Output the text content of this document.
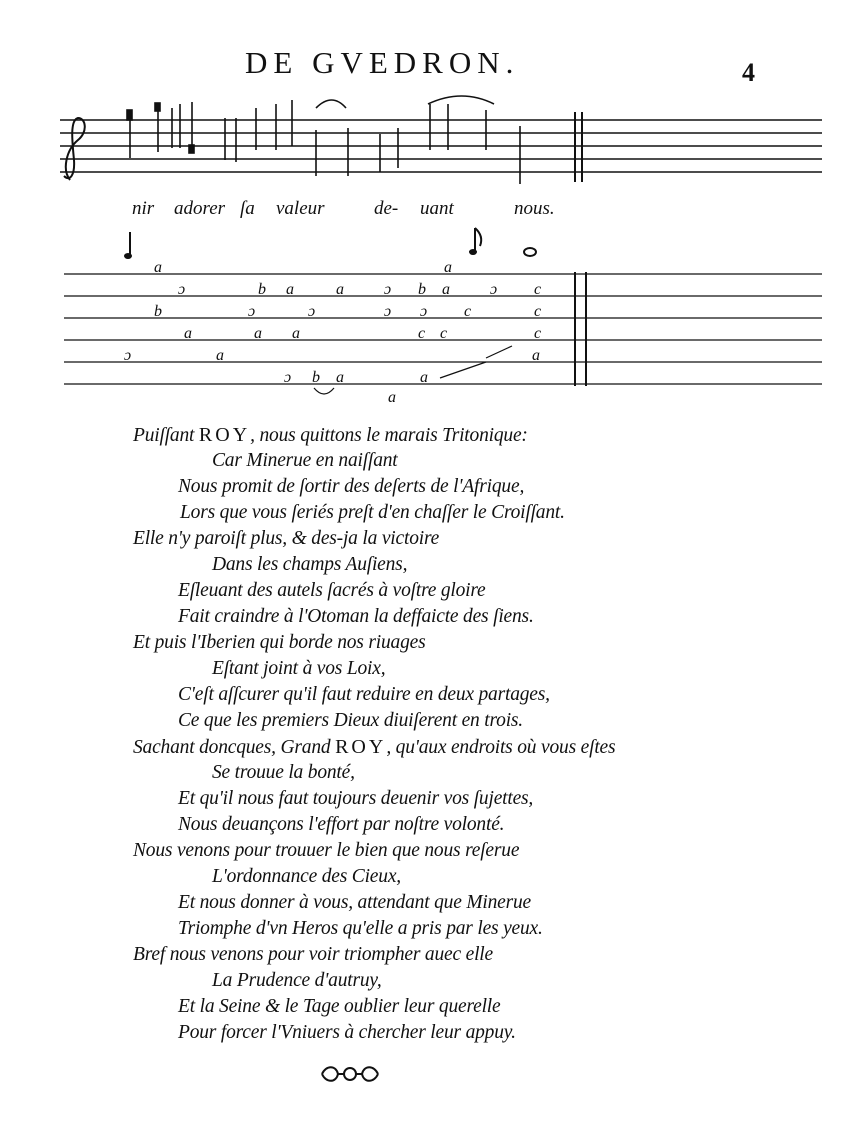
DE GVEDRON.	4
a	a
ɔ	b a	a	ɔ b a	ɔ c
b	ɔ	ɔ	ɔ ɔ c	c
a	a a	c c	c
ɔ	a	a
ɔ b a	a
a
nir adorer ſa valeur	de- uant	nous.
Puiſſant ROY, nous quittons le marais Tritonique:
Car Mineruе en naiſſant
Nous promit de ſortir des deſerts de l'Afrique,
Lors que vous ſeriés preſt d'en chaſſer le Croiſſant.
Elle n'y paroiſt plus, & des-ja la victoire
Dans les champs Auſiens,
Eſleuant des autels ſacrés à voſtre gloire
Fait craindre à l'Otoman la deffaicte des ſiens.
Et puis l'Iberien qui borde nos riuages
Eſtant joint à vos Loix,
C'eſt aſſcurer qu'il faut reduire en deux partages,
Ce que les premiers Dieux diuiſerent en trois.
Sachant doncques, Grand ROY, qu'aux endroits où vous eſtes
Se trouue la bonté,
Et qu'il nous faut toujours deuenir vos ſujettes,
Nous deuançons l'effort par noſtre volonté.
Nous venons pour trouuer le bien que nous reſerue
L'ordonnance des Cieux,
Et nous donner à vous, attendant que Mineruе
Triomphe d'vn Heros qu'elle a pris par les yeux.
Bref nous venons pour voir triompher auec elle
La Prudence d'autruy,
Et la Seine & le Tage oublier leur querelle
Pour forcer l'Vniuers à chercher leur appuy.
